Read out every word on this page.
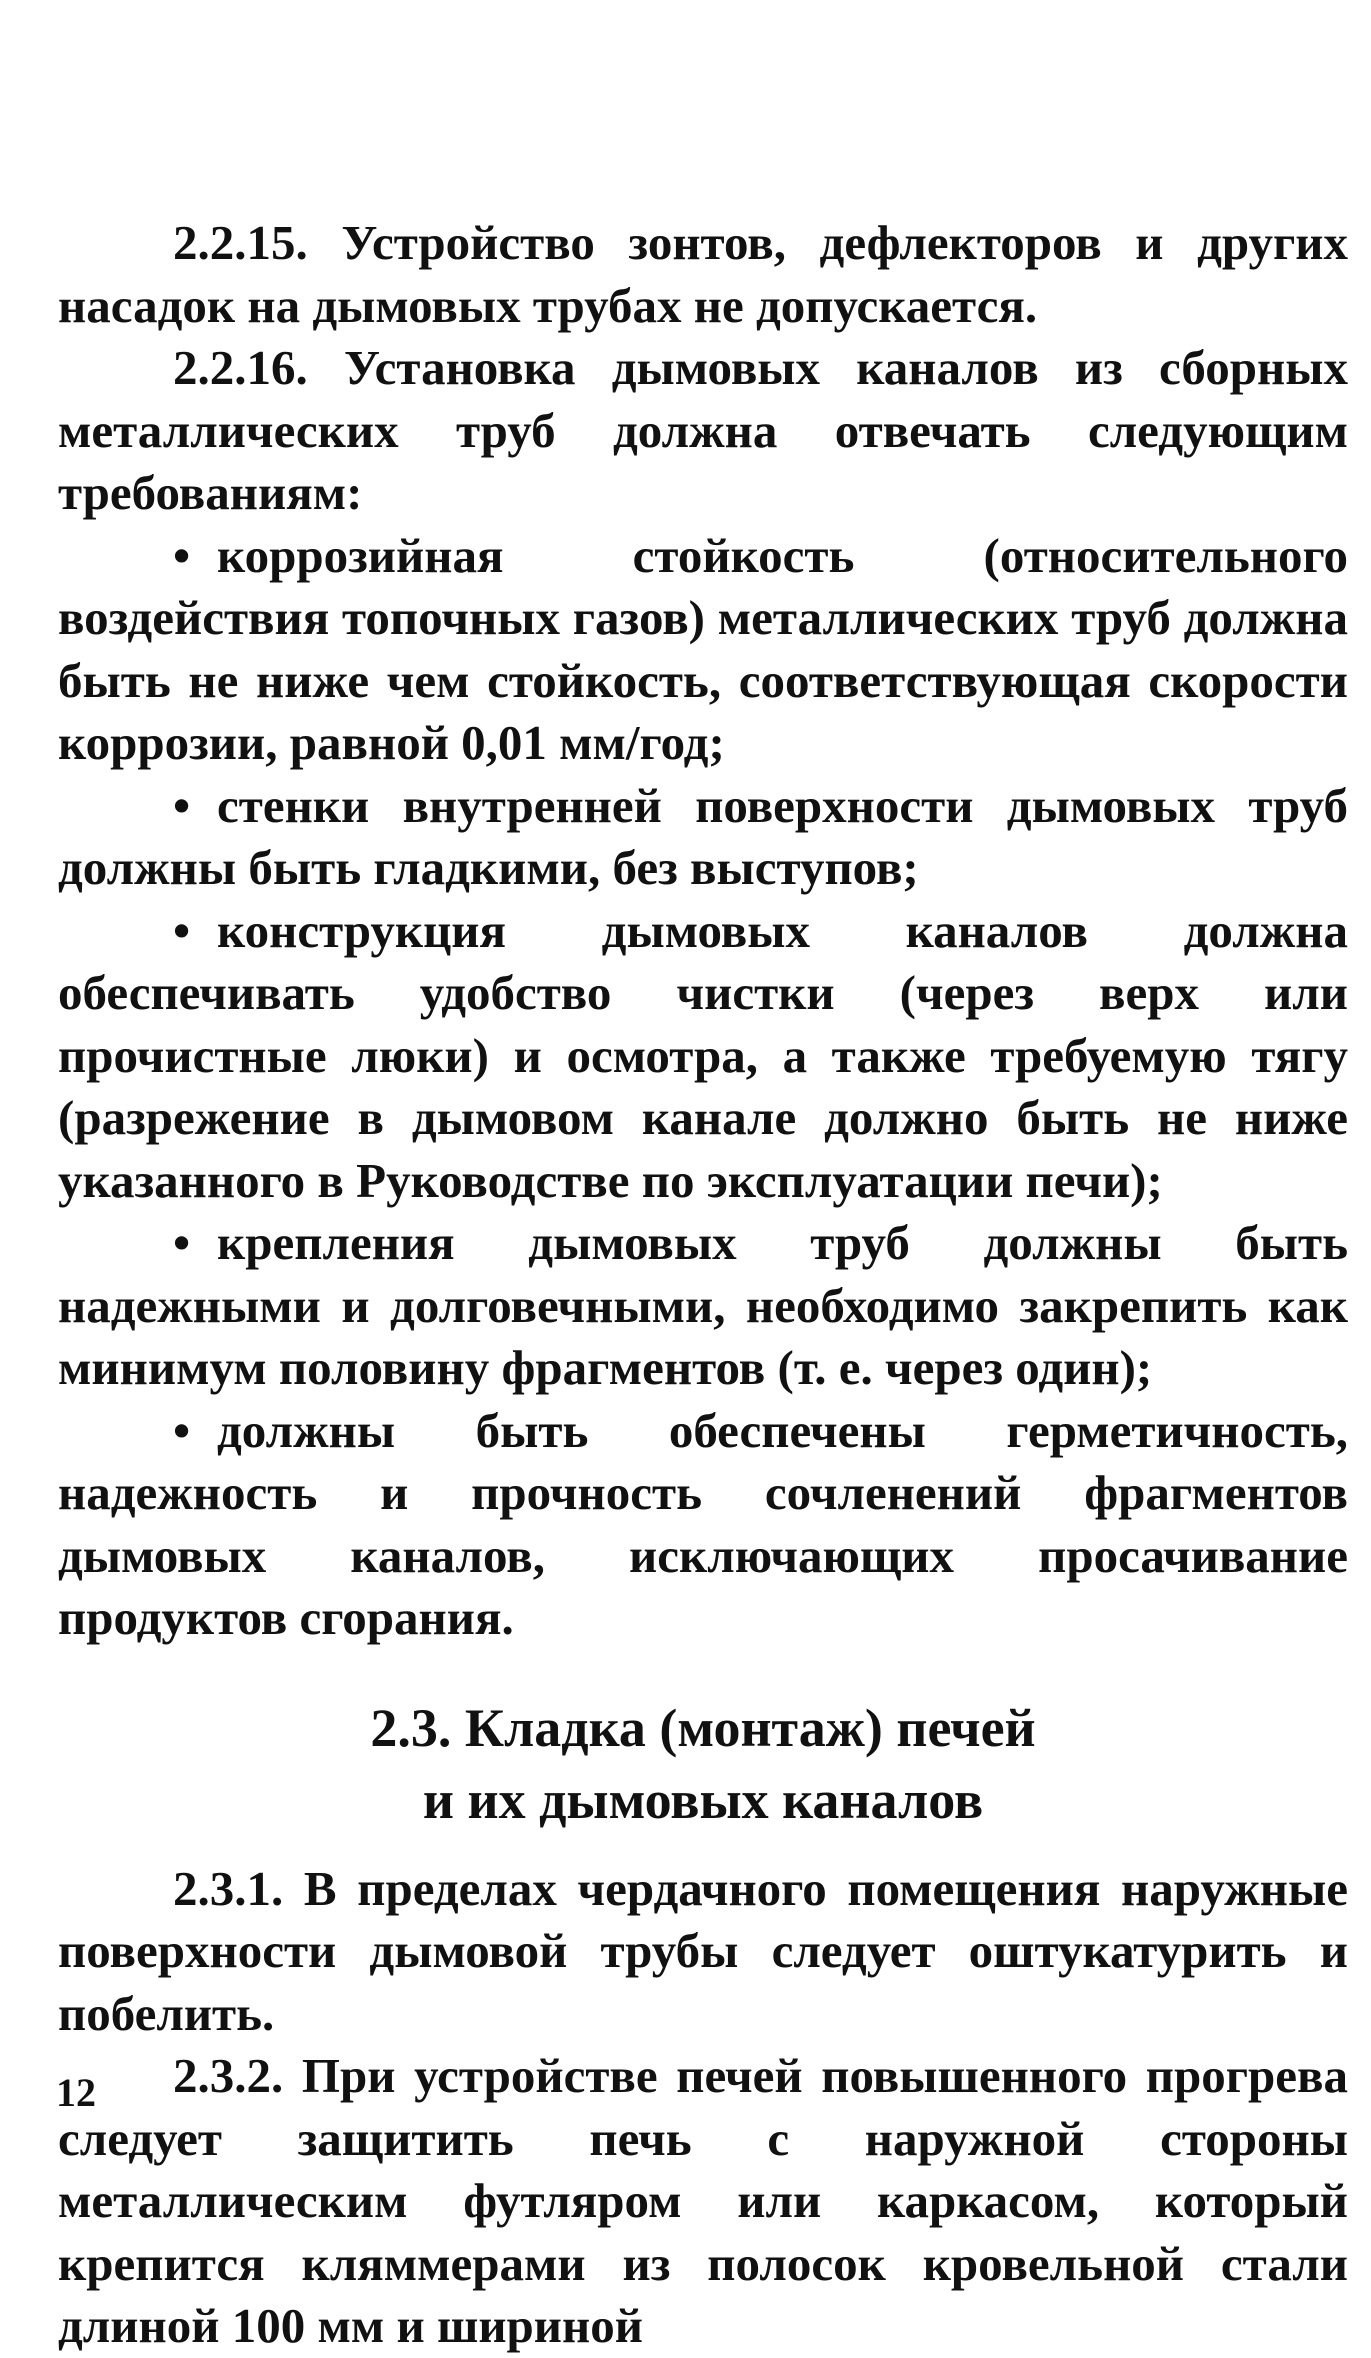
2.2.15. Устройство зонтов, дефлекторов и других насадок на дымовых трубах не допускается.

2.2.16. Установка дымовых каналов из сборных металлических труб должна отвечать следующим требованиям:

• коррозийная стойкость (относительного воздействия топочных газов) металлических труб должна быть не ниже чем стойкость, соответствующая скорости коррозии, равной 0,01 мм/год;

• стенки внутренней поверхности дымовых труб должны быть гладкими, без выступов;

• конструкция дымовых каналов должна обеспечивать удобство чистки (через верх или прочистные люки) и осмотра, а также требуемую тягу (разрежение в дымовом канале должно быть не ниже указанного в Руководстве по эксплуатации печи);

• крепления дымовых труб должны быть надежными и долговечными, необходимо закрепить как минимум половину фрагментов (т. е. через один);

• должны быть обеспечены герметичность, надежность и прочность сочленений фрагментов дымовых каналов, исключающих просачивание продуктов сгорания.

2.3. Кладка (монтаж) печей
и их дымовых каналов

2.3.1. В пределах чердачного помещения наружные поверхности дымовой трубы следует оштукатурить и побелить.

2.3.2. При устройстве печей повышенного прогрева следует защитить печь с наружной стороны металлическим футляром или каркасом, который крепится кляммерами из полосок кровельной стали длиной 100 мм и шириной

12
